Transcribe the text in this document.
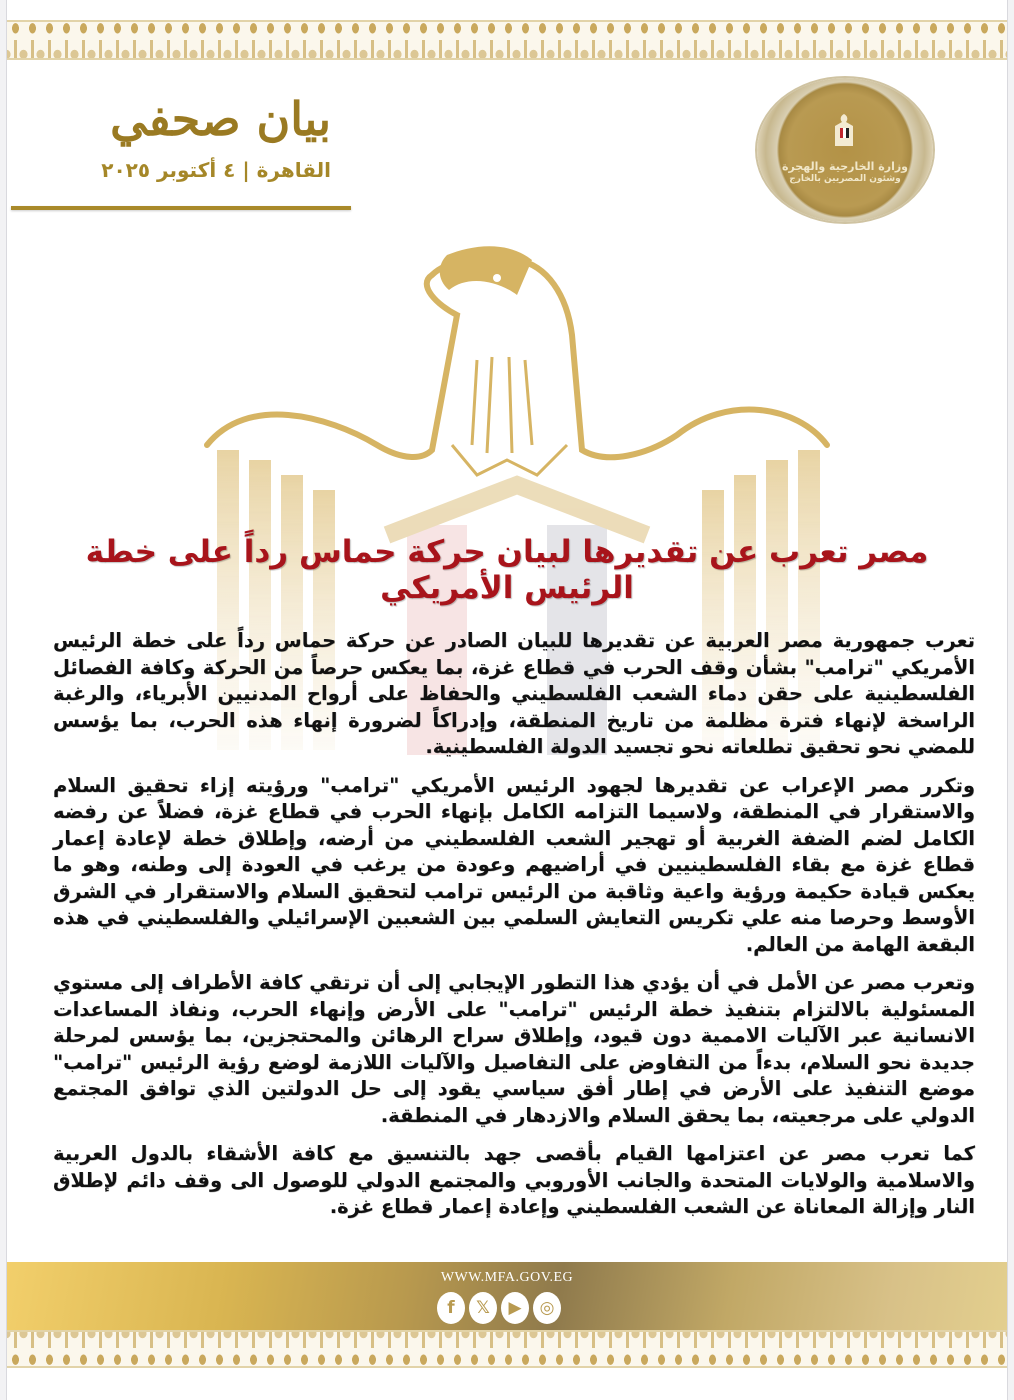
وزارة الخارجية والهجرة
وشئون المصريين بالخارج
بيان صحفي
القاهرة | ٤ أكتوبر ٢٠٢٥
مصر تعرب عن تقديرها لبيان حركة حماس رداً على خطة الرئيس الأمريكي

تعرب جمهورية مصر العربية عن تقديرها للبيان الصادر عن حركة حماس رداً على خطة الرئيس الأمريكي "ترامب" بشأن وقف الحرب في قطاع غزة، بما يعكس حرصاً من الحركة وكافة الفصائل الفلسطينية على حقن دماء الشعب الفلسطيني والحفاظ على أرواح المدنيين الأبرياء، والرغبة الراسخة لإنهاء فترة مظلمة من تاريخ المنطقة، وإدراكاً لضرورة إنهاء هذه الحرب، بما يؤسس للمضي نحو تحقيق تطلعاته نحو تجسيد الدولة الفلسطينية.

وتكرر مصر الإعراب عن تقديرها لجهود الرئيس الأمريكي "ترامب" ورؤيته إزاء تحقيق السلام والاستقرار في المنطقة، ولاسيما التزامه الكامل بإنهاء الحرب في قطاع غزة، فضلاً عن رفضه الكامل لضم الضفة الغربية أو تهجير الشعب الفلسطيني من أرضه، وإطلاق خطة لإعادة إعمار قطاع غزة مع بقاء الفلسطينيين في أراضيهم وعودة من يرغب في العودة إلى وطنه، وهو ما يعكس قيادة حكيمة ورؤية واعية وثاقبة من الرئيس ترامب لتحقيق السلام والاستقرار في الشرق الأوسط وحرصا منه علي تكريس التعايش السلمي بين الشعبين الإسرائيلي والفلسطيني في هذه البقعة الهامة من العالم.

وتعرب مصر عن الأمل في أن يؤدي هذا التطور الإيجابي إلى أن ترتقي كافة الأطراف إلى مستوي المسئولية بالالتزام بتنفيذ خطة الرئيس "ترامب" على الأرض وإنهاء الحرب، ونفاذ المساعدات الانسانية عبر الآليات الاممية دون قيود، وإطلاق سراح الرهائن والمحتجزين، بما يؤسس لمرحلة جديدة نحو السلام، بدءاً من التفاوض على التفاصيل والآليات اللازمة لوضع رؤية الرئيس "ترامب" موضع التنفيذ على الأرض في إطار أفق سياسي يقود إلى حل الدولتين الذي توافق المجتمع الدولي على مرجعيته، بما يحقق السلام والازدهار في المنطقة.

كما تعرب مصر عن اعتزامها القيام بأقصى جهد بالتنسيق مع كافة الأشقاء بالدول العربية والاسلامية والولايات المتحدة والجانب الأوروبي والمجتمع الدولي للوصول الى وقف دائم لإطلاق النار وإزالة المعاناة عن الشعب الفلسطيني وإعادة إعمار قطاع غزة.

WWW.MFA.GOV.EG
f	𝕏	▶	◎
